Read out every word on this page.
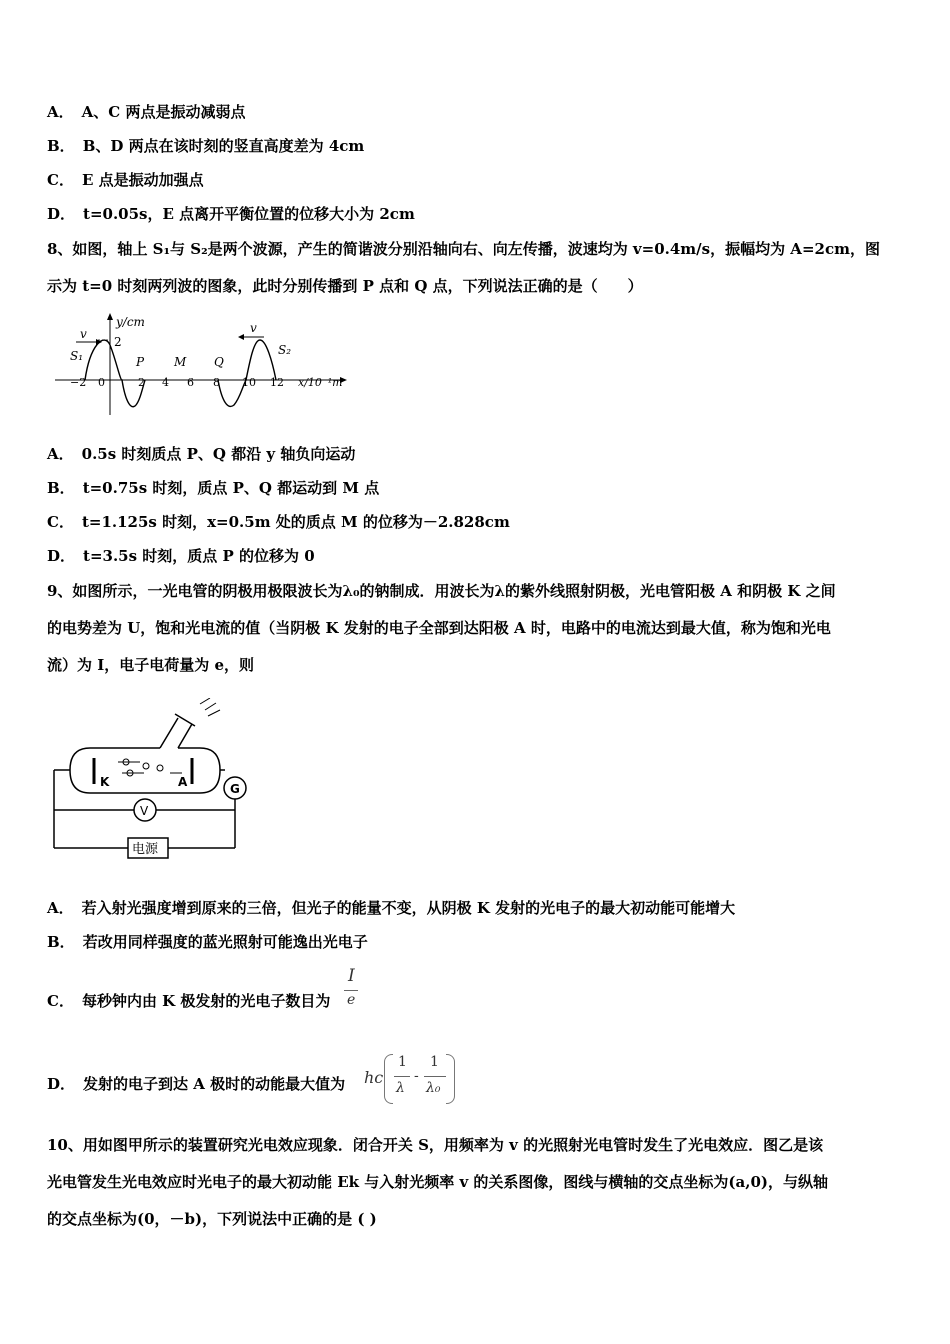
A． A、C 两点是振动减弱点
B． B、D 两点在该时刻的竖直高度差为 4cm
C． E 点是振动加强点
D． t=0.05s，E 点离开平衡位置的位移大小为 2cm
8、如图，轴上 S₁与 S₂是两个波源，产生的简谐波分别沿轴向右、向左传播，波速均为 v=0.4m/s，振幅均为 A=2cm，图
示为 t=0 时刻两列波的图象，此时分别传播到 P 点和 Q 点，下列说法正确的是（　　）
2
y/cm
x/10⁻¹m
v	v
S₁	S₂
P M Q
−2 0	2 4 6 8 10 12
A． 0.5s 时刻质点 P、Q 都沿 y 轴负向运动
B． t=0.75s 时刻，质点 P、Q 都运动到 M 点
C． t=1.125s 时刻，x=0.5m 处的质点 M 的位移为－2.828cm
D． t=3.5s 时刻，质点 P 的位移为 0
9、如图所示，一光电管的阴极用极限波长为λ₀的钠制成．用波长为λ的紫外线照射阴极，光电管阳极 A 和阴极 K 之间
的电势差为 U，饱和光电流的值（当阴极 K 发射的电子全部到达阳极 A 时，电路中的电流达到最大值，称为饱和光电
流）为 I，电子电荷量为 e，则
K	A	G
V
电源
A． 若入射光强度增到原来的三倍，但光子的能量不变，从阴极 K 发射的光电子的最大初动能可能增大
B． 若改用同样强度的蓝光照射可能逸出光电子
C． 每秒钟内由 K 极发射的光电子数目为
I
e
D． 发射的电子到达 A 极时的动能最大值为 hc
1
λ
-
1
λ₀
10、用如图甲所示的装置研究光电效应现象．闭合开关 S，用频率为 v 的光照射光电管时发生了光电效应．图乙是该
光电管发生光电效应时光电子的最大初动能 Ek 与入射光频率 v 的关系图像，图线与横轴的交点坐标为(a,0)，与纵轴
的交点坐标为(0，－b)，下列说法中正确的是 ( )
